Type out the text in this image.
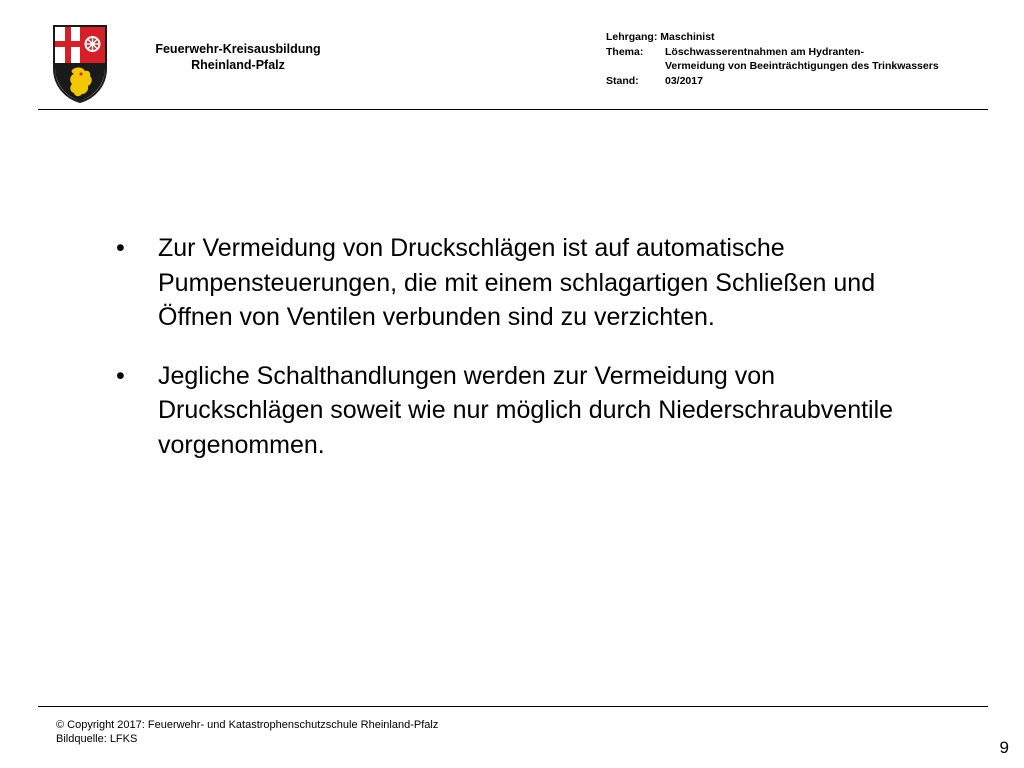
Feuerwehr-Kreisausbildung
Rheinland-Pfalz
Lehrgang:
Maschinist
Thema:	Löschwasserentnahmen am Hydranten-
Vermeidung von Beeinträchtigungen des Trinkwassers
Stand:	03/2017
•	Zur Vermeidung von Druckschlägen ist auf automatische Pumpensteuerungen, die mit einem schlagartigen Schließen und Öffnen von Ventilen verbunden sind zu verzichten.
•	Jegliche Schalthandlungen werden zur Vermeidung von Druckschlägen soweit wie nur möglich durch Niederschraubventile vorgenommen.
© Copyright 2017: Feuerwehr- und Katastrophenschutzschule Rheinland-Pfalz
Bildquelle: LFKS	9
